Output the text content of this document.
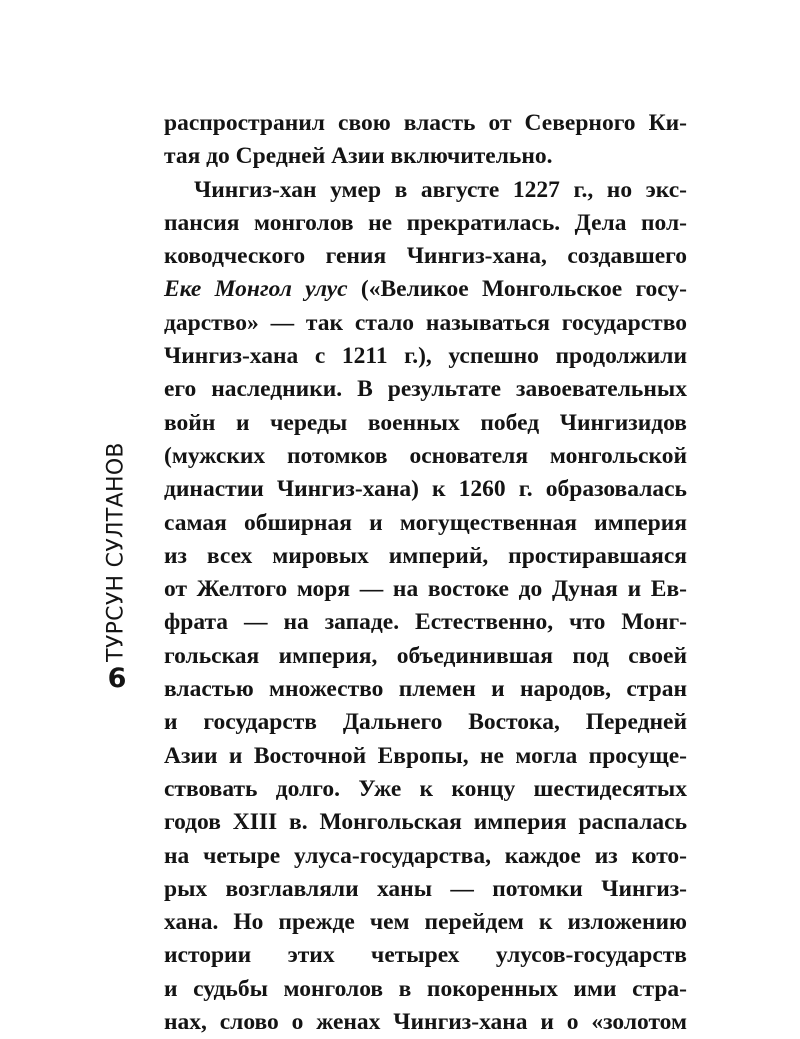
ТУРСУН СУЛТАНОВ
6
распространил свою власть от Северного Ки-
тая до Средней Азии включительно.
Чингиз-хан умер в августе 1227 г., но экс-
пансия монголов не прекратилась. Дела пол-
ководческого гения Чингиз-хана, создавшего
Еке Монгол улус («Великое Монгольское госу-
дарство» — так стало называться государство
Чингиз-хана с 1211 г.), успешно продолжили
его наследники. В результате завоевательных
войн и череды военных побед Чингизидов
(мужских потомков основателя монгольской
династии Чингиз-хана) к 1260 г. образовалась
самая обширная и могущественная империя
из всех мировых империй, простиравшаяся
от Желтого моря — на востоке до Дуная и Ев-
фрата — на западе. Естественно, что Монг-
гольская империя, объединившая под своей
властью множество племен и народов, стран
и государств Дальнего Востока, Передней
Азии и Восточной Европы, не могла просуще-
ствовать долго. Уже к концу шестидесятых
годов XIII в. Монгольская империя распалась
на четыре улуса-государства, каждое из кото-
рых возглавляли ханы — потомки Чингиз-
хана. Но прежде чем перейдем к изложению
истории этих четырех улусов-государств
и судьбы монголов в покоренных ими стра-
нах, слово о женах Чингиз-хана и о «золотом
